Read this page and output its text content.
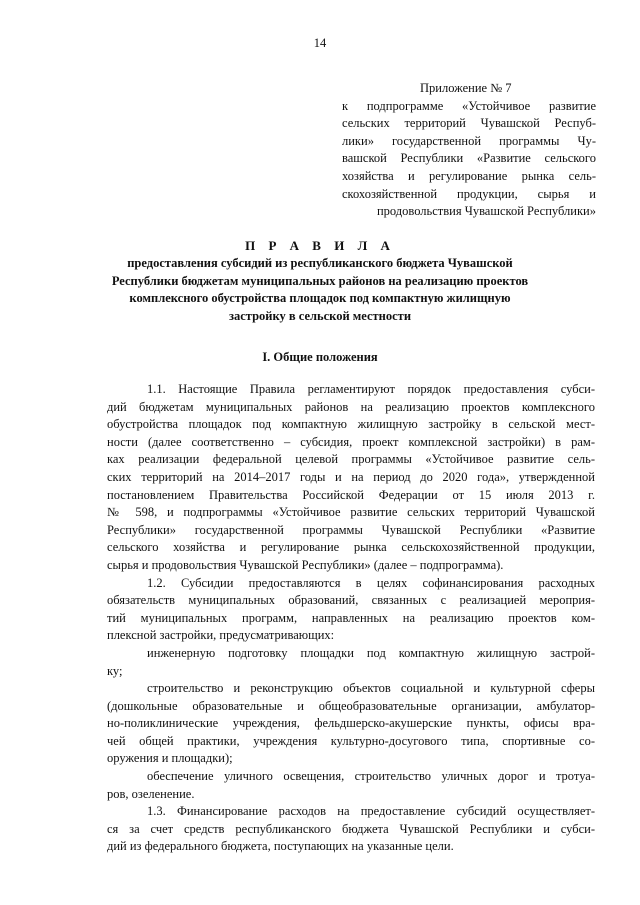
14
Приложение № 7
к подпрограмме «Устойчивое развитие
сельских территорий Чувашской Респуб-
лики» государственной программы Чу-
вашской Республики «Развитие сельского
хозяйства и регулирование рынка сель-
скохозяйственной продукции, сырья и
продовольствия Чувашской Республики»
П Р А В И Л А
предоставления субсидий из республиканского бюджета Чувашской
Республики бюджетам муниципальных районов на реализацию проектов
комплексного обустройства площадок под компактную жилищную
застройку в сельской местности
I. Общие положения
1.1. Настоящие Правила регламентируют порядок предоставления субси-
дий бюджетам муниципальных районов на реализацию проектов комплексного
обустройства площадок под компактную жилищную застройку в сельской мест-
ности (далее соответственно – субсидия, проект комплексной застройки) в рам-
ках реализации федеральной целевой программы «Устойчивое развитие сель-
ских территорий на 2014–2017 годы и на период до 2020 года», утвержденной
постановлением Правительства Российской Федерации от 15 июля 2013 г.
№ 598, и подпрограммы «Устойчивое развитие сельских территорий Чувашской
Республики» государственной программы Чувашской Республики «Развитие
сельского хозяйства и регулирование рынка сельскохозяйственной продукции,
сырья и продовольствия Чувашской Республики» (далее – подпрограмма).
1.2. Субсидии предоставляются в целях софинансирования расходных
обязательств муниципальных образований, связанных с реализацией мероприя-
тий муниципальных программ, направленных на реализацию проектов ком-
плексной застройки, предусматривающих:
инженерную подготовку площадки под компактную жилищную застрой-
ку;
строительство и реконструкцию объектов социальной и культурной сферы
(дошкольные образовательные и общеобразовательные организации, амбулатор-
но-поликлинические учреждения, фельдшерско-акушерские пункты, офисы вра-
чей общей практики, учреждения культурно-досугового типа, спортивные со-
оружения и площадки);
обеспечение уличного освещения, строительство уличных дорог и тротуа-
ров, озеленение.
1.3. Финансирование расходов на предоставление субсидий осуществляет-
ся за счет средств республиканского бюджета Чувашской Республики и субси-
дий из федерального бюджета, поступающих на указанные цели.
